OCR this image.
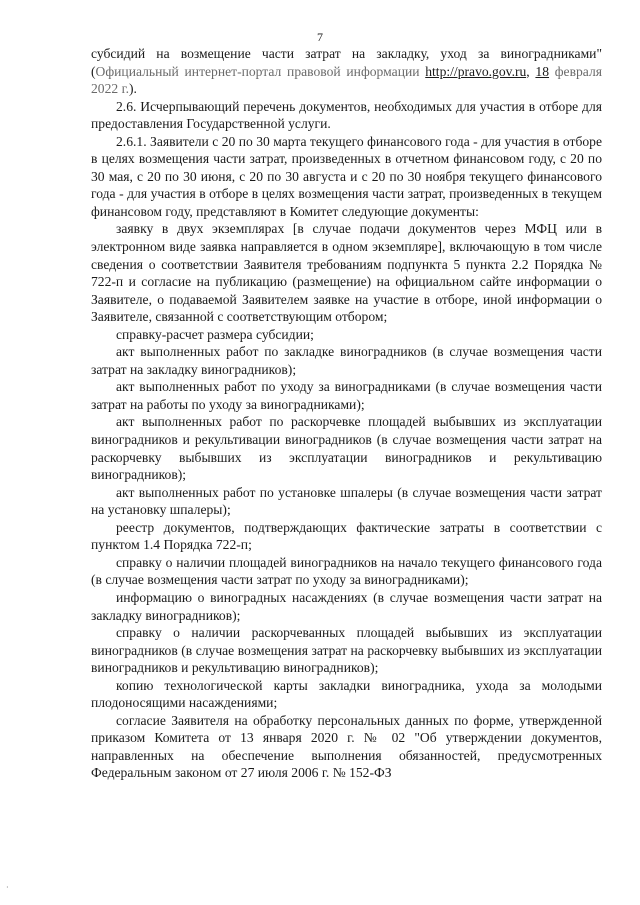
7

субсидий на возмещение части затрат на закладку, уход за виноградниками" (Официальный интернет-портал правовой информации http://pravo.gov.ru, 18 февраля 2022 г.).

2.6. Исчерпывающий перечень документов, необходимых для участия в отборе для предоставления Государственной услуги.

2.6.1. Заявители с 20 по 30 марта текущего финансового года - для участия в отборе в целях возмещения части затрат, произведенных в отчетном финансовом году, с 20 по 30 мая, с 20 по 30 июня, с 20 по 30 августа и с 20 по 30 ноября текущего финансового года - для участия в отборе в целях возмещения части затрат, произведенных в текущем финансовом году, представляют в Комитет следующие документы:

заявку в двух экземплярах [в случае подачи документов через МФЦ или в электронном виде заявка направляется в одном экземпляре], включающую в том числе сведения о соответствии Заявителя требованиям подпункта 5 пункта 2.2 Порядка № 722-п и согласие на публикацию (размещение) на официальном сайте информации о Заявителе, о подаваемой Заявителем заявке на участие в отборе, иной информации о Заявителе, связанной с соответствующим отбором;

справку-расчет размера субсидии;

акт выполненных работ по закладке виноградников (в случае возмещения части затрат на закладку виноградников);

акт выполненных работ по уходу за виноградниками (в случае возмещения части затрат на работы по уходу за виноградниками);

акт выполненных работ по раскорчевке площадей выбывших из эксплуатации виноградников и рекультивации виноградников (в случае возмещения части затрат на раскорчевку выбывших из эксплуатации виноградников и рекультивацию виноградников);

акт выполненных работ по установке шпалеры (в случае возмещения части затрат на установку шпалеры);

реестр документов, подтверждающих фактические затраты в соответствии с пунктом 1.4 Порядка 722-п;

справку о наличии площадей виноградников на начало текущего финансового года (в случае возмещения части затрат по уходу за виноградниками);

информацию о виноградных насаждениях (в случае возмещения части затрат на закладку виноградников);

справку о наличии раскорчеванных площадей выбывших из эксплуатации виноградников (в случае возмещения затрат на раскорчевку выбывших из эксплуатации виноградников и рекультивацию виноградников);

копию технологической карты закладки виноградника, ухода за молодыми плодоносящими насаждениями;

согласие Заявителя на обработку персональных данных по форме, утвержденной приказом Комитета от 13 января 2020 г. № 02 "Об утверждении документов, направленных на обеспечение выполнения обязанностей, предусмотренных Федеральным законом от 27 июля 2006 г. № 152-ФЗ

·
